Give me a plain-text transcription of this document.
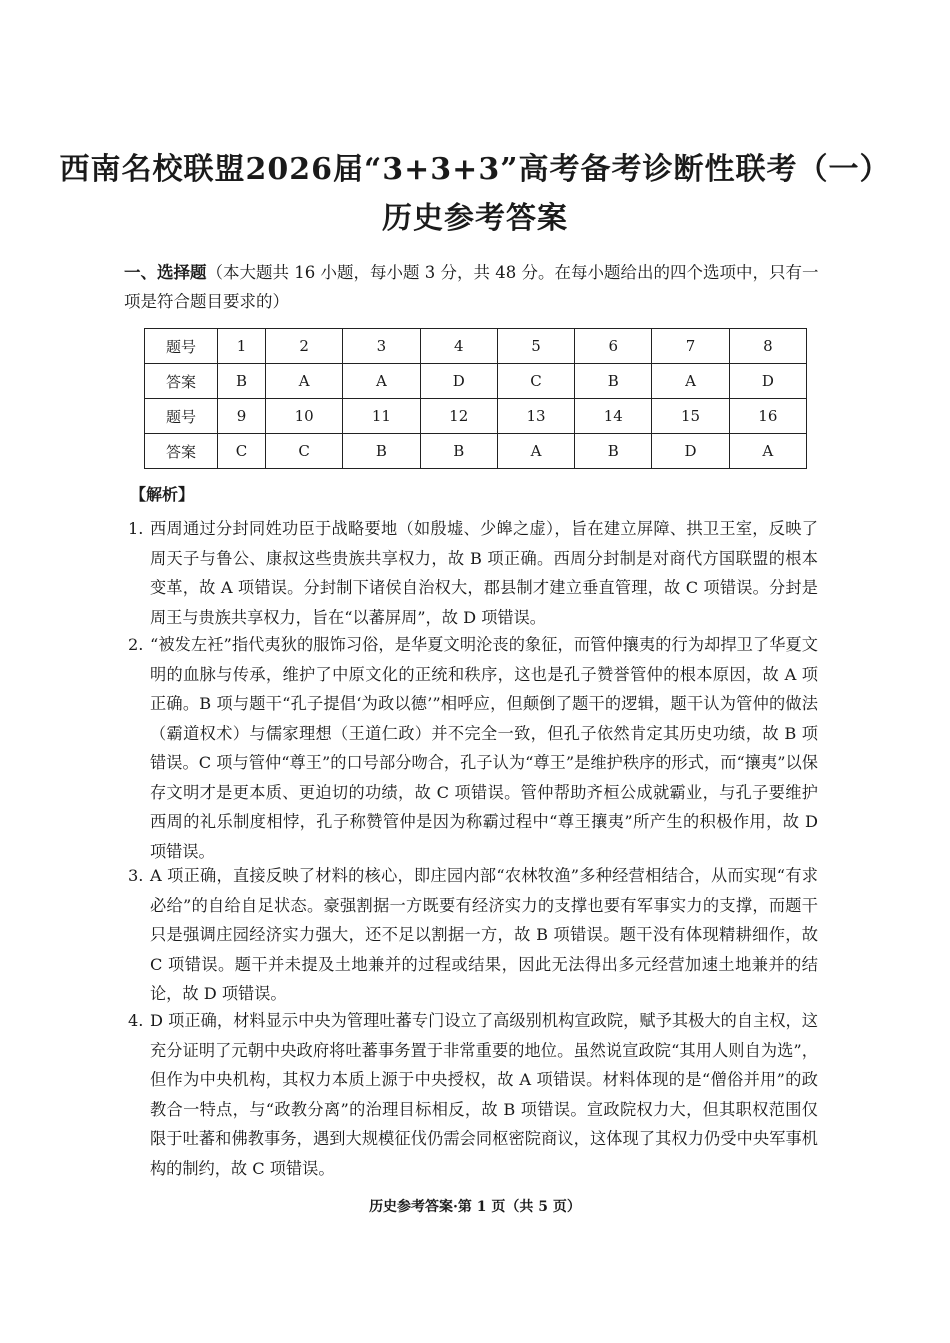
西南名校联盟2026届“3+3+3”高考备考诊断性联考（一）
历史参考答案
一、选择题（本大题共 16 小题，每小题 3 分，共 48 分。在每小题给出的四个选项中，只有一项是符合题目要求的）
题号	1	2	3	4	5	6	7	8
答案	B	A	A	D	C	B	A	D
题号	9	10	11	12	13	14	15	16
答案	C	C	B	B	A	B	D	A
【解析】
1. 西周通过分封同姓功臣于战略要地（如殷墟、少皞之虚），旨在建立屏障、拱卫王室，反映了周天子与鲁公、康叔这些贵族共享权力，故 B 项正确。西周分封制是对商代方国联盟的根本变革，故 A 项错误。分封制下诸侯自治权大，郡县制才建立垂直管理，故 C 项错误。分封是周王与贵族共享权力，旨在“以蕃屏周”，故 D 项错误。
2. “被发左衽”指代夷狄的服饰习俗，是华夏文明沦丧的象征，而管仲攘夷的行为却捍卫了华夏文明的血脉与传承，维护了中原文化的正统和秩序，这也是孔子赞誉管仲的根本原因，故 A 项正确。B 项与题干“孔子提倡‘为政以德’”相呼应，但颠倒了题干的逻辑，题干认为管仲的做法（霸道权术）与儒家理想（王道仁政）并不完全一致，但孔子依然肯定其历史功绩，故 B 项错误。C 项与管仲“尊王”的口号部分吻合，孔子认为“尊王”是维护秩序的形式，而“攘夷”以保存文明才是更本质、更迫切的功绩，故 C 项错误。管仲帮助齐桓公成就霸业，与孔子要维护西周的礼乐制度相悖，孔子称赞管仲是因为称霸过程中“尊王攘夷”所产生的积极作用，故 D 项错误。
3. A 项正确，直接反映了材料的核心，即庄园内部“农林牧渔”多种经营相结合，从而实现“有求必给”的自给自足状态。豪强割据一方既要有经济实力的支撑也要有军事实力的支撑，而题干只是强调庄园经济实力强大，还不足以割据一方，故 B 项错误。题干没有体现精耕细作，故 C 项错误。题干并未提及土地兼并的过程或结果，因此无法得出多元经营加速土地兼并的结论，故 D 项错误。
4. D 项正确，材料显示中央为管理吐蕃专门设立了高级别机构宣政院，赋予其极大的自主权，这充分证明了元朝中央政府将吐蕃事务置于非常重要的地位。虽然说宣政院“其用人则自为选”，但作为中央机构，其权力本质上源于中央授权，故 A 项错误。材料体现的是“僧俗并用”的政教合一特点，与“政教分离”的治理目标相反，故 B 项错误。宣政院权力大，但其职权范围仅限于吐蕃和佛教事务，遇到大规模征伐仍需会同枢密院商议，这体现了其权力仍受中央军事机构的制约，故 C 项错误。
历史参考答案·第 1 页（共 5 页）
